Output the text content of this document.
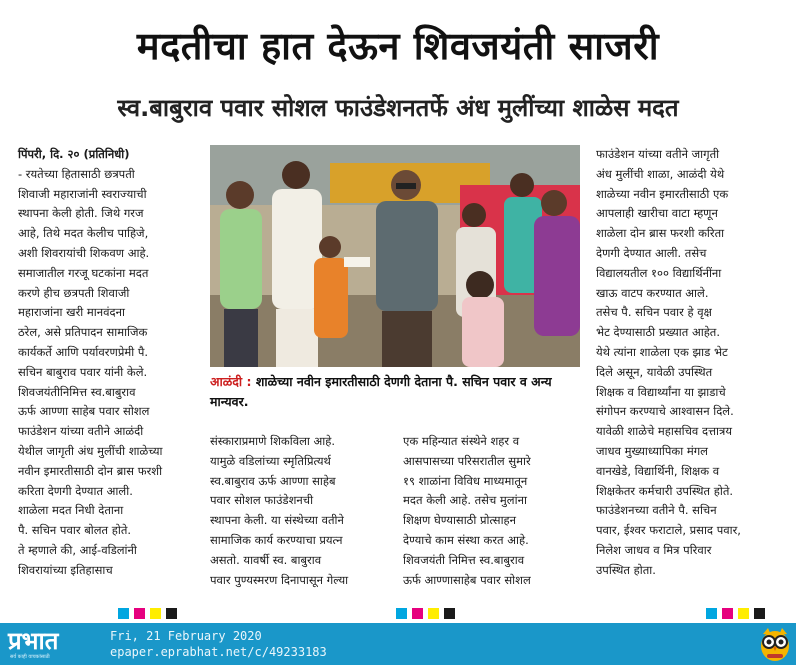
मदतीचा हात देऊन शिवजयंती साजरी
स्व.बाबुराव पवार सोशल फाउंडेशनतर्फे अंध मुलींच्या शाळेस मदत
पिंपरी, दि. २० (प्रतिनिधी)
- रयतेच्या हितासाठी छत्रपती
शिवाजी महाराजांनी स्वराज्याची
स्थापना केली होती. जिथे गरज
आहे, तिथे मदत केलीच पाहिजे,
अशी शिवरायांची शिकवण आहे.
समाजातील गरजू घटकांना मदत
करणे हीच छत्रपती शिवाजी
महाराजांना खरी मानवंदना
ठरेल, असे प्रतिपादन सामाजिक
कार्यकर्ते आणि पर्यावरणप्रेमी पै.
सचिन बाबुराव पवार यांनी केले.
शिवजयंतीनिमित्त स्व.बाबुराव
ऊर्फ आण्णा साहेब पवार सोशल
फाउंडेशन यांच्या वतीने आळंदी
येथील जागृती अंध मुलींची शाळेच्या
नवीन इमारतीसाठी दोन ब्रास फरशी
करिता देणगी देण्यात आली.
शाळेला मदत निधी देताना
पै. सचिन पवार बोलत होते.
ते म्हणाले की, आई-वडिलांनी
शिवरायांच्या इतिहासाच
आळंदी : शाळेच्या नवीन इमारतीसाठी देणगी देताना पै. सचिन पवार व अन्य मान्यवर.
संस्काराप्रमाणे शिकविला आहे.
यामुळे वडिलांच्या स्मृतिप्रित्यर्थ
स्व.बाबुराव ऊर्फ आण्णा साहेब
पवार सोशल फाउंडेशनची
स्थापना केली. या संस्थेच्या वतीने
सामाजिक कार्य करण्याचा प्रयत्न
असतो. यावर्षी स्व. बाबुराव
पवार पुण्यस्मरण दिनापासून गेल्या
एक महिन्यात संस्थेने शहर व
आसपासच्या परिसरातील सुमारे
१९ शाळांना विविध माध्यमातून
मदत केली आहे. तसेच मुलांना
शिक्षण घेण्यासाठी प्रोत्साहन
देण्याचे काम संस्था करत आहे.
शिवजयंती निमित्त स्व.बाबुराव
ऊर्फ आण्णासाहेब पवार सोशल
फाउंडेशन यांच्या वतीने जागृती
अंध मुलींची शाळा, आळंदी येथे
शाळेच्या नवीन इमारतीसाठी एक
आपलाही खारीचा वाटा म्हणून
शाळेला दोन ब्रास फरशी करिता
देणगी देण्यात आली. तसेच
विद्यालयतील १०० विद्यार्थिनींना
खाऊ वाटप करण्यात आले.
तसेच पै. सचिन पवार हे वृक्ष
भेट देण्यासाठी प्रख्यात आहेत.
येथे त्यांना शाळेला एक झाड भेट
दिले असून, यावेळी उपस्थित
शिक्षक व विद्यार्थ्यांना या झाडाचे
संगोपन करण्याचे आश्वासन दिले.
यावेळी शाळेचे महासचिव दत्तात्रय
जाधव मुख्याध्यापिका मंगल
वानखेडे, विद्यार्थिनी, शिक्षक व
शिक्षकेतर कर्मचारी उपस्थित होते.
फाउंडेशनच्या वतीने पै. सचिन
पवार, ईश्वर फराटाले, प्रसाद पवार,
निलेश जाधव व मित्र परिवार
उपस्थित होता.
प्रभात
सर्व काही वाचकांसाठी
Fri, 21 February 2020
epaper.eprabhat.net/c/49233183
